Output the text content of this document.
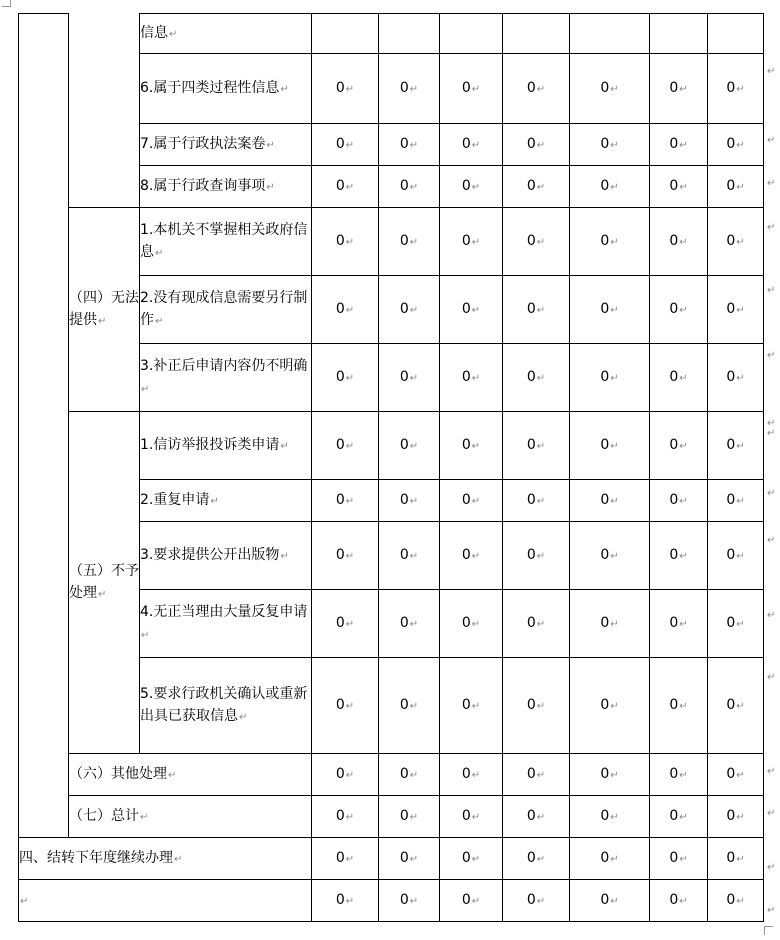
		信息↵							
		6.属于四类过程性信息↵	0↵	0↵	0↵	0↵	0↵	0↵	0↵
		7.属于行政执法案卷↵	0↵	0↵	0↵	0↵	0↵	0↵	0↵
		8.属于行政查询事项↵	0↵	0↵	0↵	0↵	0↵	0↵	0↵
	（四）无法提供↵	1.本机关不掌握相关政府信息↵	0↵	0↵	0↵	0↵	0↵	0↵	0↵
		2.没有现成信息需要另行制作↵	0↵	0↵	0↵	0↵	0↵	0↵	0↵
		3.补正后申请内容仍不明确↵	0↵	0↵	0↵	0↵	0↵	0↵	0↵
	（五）不予处理↵	1.信访举报投诉类申请↵	0↵	0↵	0↵	0↵	0↵	0↵	0↵
		2.重复申请↵	0↵	0↵	0↵	0↵	0↵	0↵	0↵
		3.要求提供公开出版物↵	0↵	0↵	0↵	0↵	0↵	0↵	0↵
		4.无正当理由大量反复申请↵	0↵	0↵	0↵	0↵	0↵	0↵	0↵
		5.要求行政机关确认或重新出具已获取信息↵	0↵	0↵	0↵	0↵	0↵	0↵	0↵
	（六）其他处理↵		0↵	0↵	0↵	0↵	0↵	0↵	0↵
	（七）总计↵		0↵	0↵	0↵	0↵	0↵	0↵	0↵
四、结转下年度继续办理↵			0↵	0↵	0↵	0↵	0↵	0↵	0↵
↵			0↵	0↵	0↵	0↵	0↵	0↵	0↵
↵
↵
↵
↵
↵
↵
↵
↵
↵
↵
↵
↵
↵
↵
↵
↵
